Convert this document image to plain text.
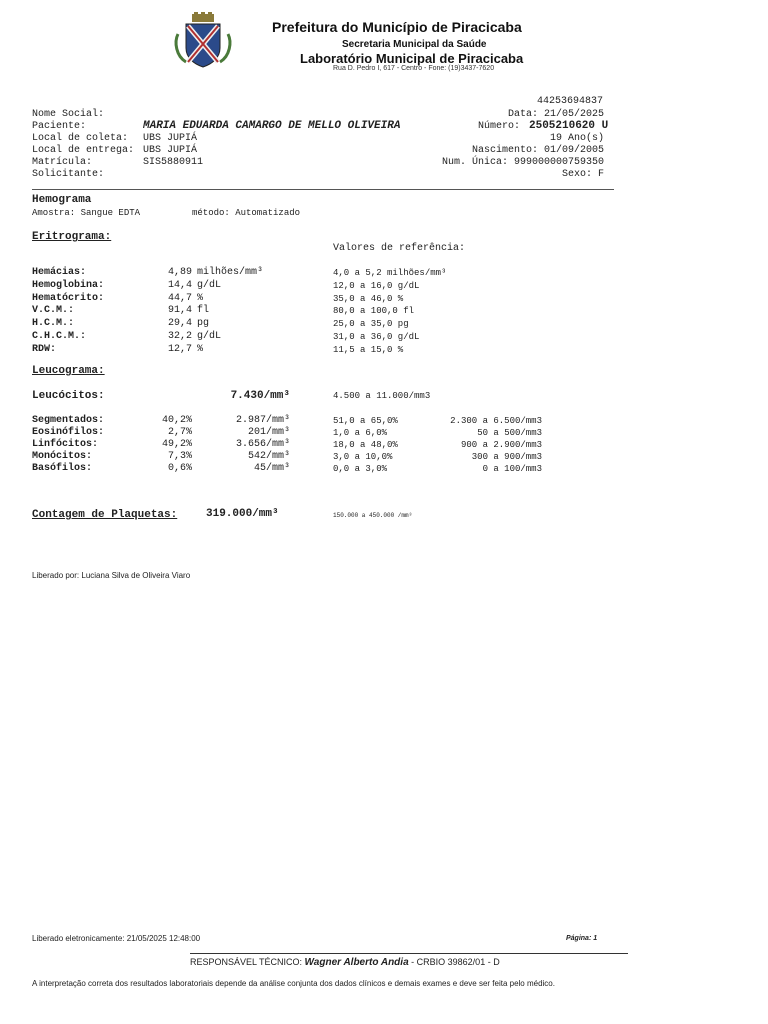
Prefeitura do Município de Piracicaba
Secretaria Municipal da Saúde
Laboratório Municipal de Piracicaba
Rua D. Pedro I, 617 - Centro - Fone: (19)3437-7620
44253694837
Nome Social:	Data: 21/05/2025
Paciente:	MARIA EDUARDA CAMARGO DE MELLO OLIVEIRA	Número: 2505210620 U
Local de coleta: UBS JUPIÁ	19 Ano(s)
Local de entrega: UBS JUPIÁ	Nascimento: 01/09/2005
Matrícula:	SIS5880911	Num. Única: 999000000759350
Solicitante:	Sexo: F
Hemograma
Amostra: Sangue EDTA	método: Automatizado
Eritrograma:
Valores de referência:
Hemácias:	4,89 milhões/mm³	4,0 a 5,2 milhões/mm³
Hemoglobina:	14,4 g/dL	12,0 a 16,0 g/dL
Hematócrito:	44,7 %	35,0 a 46,0 %
V.C.M.:	91,4 fl	80,0 a 100,0 fl
H.C.M.:	29,4 pg	25,0 a 35,0 pg
C.H.C.M.:	32,2 g/dL	31,0 a 36,0 g/dL
RDW:	12,7 %	11,5 a 15,0 %
Leucograma:
Leucócitos:	7.430/mm³	4.500 a 11.000/mm3
Segmentados:	40,2%	2.987/mm³	51,0 a 65,0%	2.300 a 6.500/mm3
Eosinófilos:	2,7%	201/mm³	1,0 a 6,0%	50 a 500/mm3
Linfócitos:	49,2%	3.656/mm³	18,0 a 48,0%	900 a 2.900/mm3
Monócitos:	7,3%	542/mm³	3,0 a 10,0%	300 a 900/mm3
Basófilos:	0,6%	45/mm³	0,0 a 3,0%	0 a 100/mm3
Contagem de Plaquetas:	319.000/mm³	150.000 a 450.000 /mm³
Liberado por: Luciana Silva de Oliveira Viaro
Liberado eletronicamente: 21/05/2025 12:48:00	Página: 1
RESPONSÁVEL TÉCNICO: Wagner Alberto Andia - CRBIO 39862/01 - D
A interpretação correta dos resultados laboratoriais depende da análise conjunta dos dados clínicos e demais exames e deve ser feita pelo médico.
